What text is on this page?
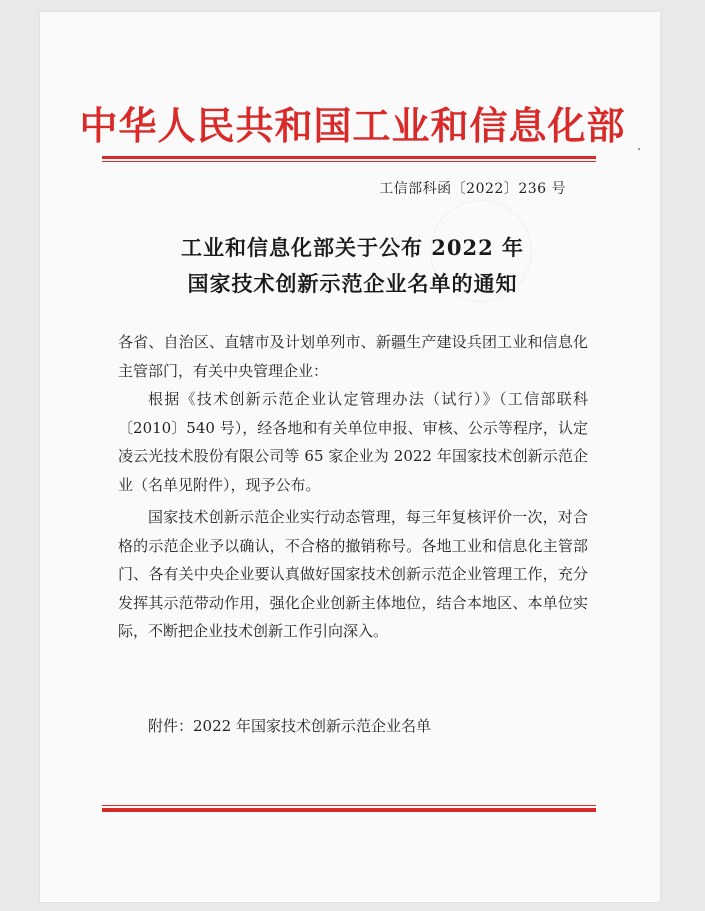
中华人民共和国工业和信息化部
工信部科函〔2022〕236 号
工业和信息化部关于公布 2022 年
国家技术创新示范企业名单的通知

各省、自治区、直辖市及计划单列市、新疆生产建设兵团工业和信息化主管部门，有关中央管理企业：

根据《技术创新示范企业认定管理办法（试行）》（工信部联科〔2010〕540 号），经各地和有关单位申报、审核、公示等程序，认定凌云光技术股份有限公司等 65 家企业为 2022 年国家技术创新示范企业（名单见附件），现予公布。

国家技术创新示范企业实行动态管理，每三年复核评价一次，对合格的示范企业予以确认，不合格的撤销称号。各地工业和信息化主管部门、各有关中央企业要认真做好国家技术创新示范企业管理工作，充分发挥其示范带动作用，强化企业创新主体地位，结合本地区、本单位实际，不断把企业技术创新工作引向深入。

附件：2022 年国家技术创新示范企业名单
